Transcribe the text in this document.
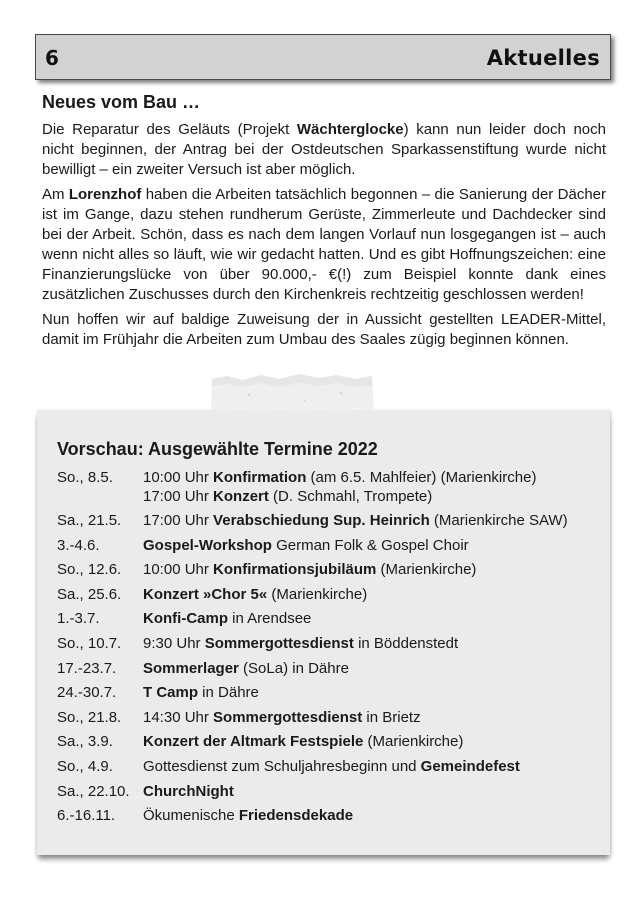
6	Aktuelles
Neues vom Bau …

Die Reparatur des Geläuts (Projekt Wächterglocke) kann nun leider doch noch nicht beginnen, der Antrag bei der Ostdeutschen Sparkassenstiftung wurde nicht bewilligt – ein zweiter Versuch ist aber möglich.

Am Lorenzhof haben die Arbeiten tatsächlich begonnen – die Sanierung der Dächer ist im Gange, dazu stehen rundherum Gerüste, Zimmerleute und Dachdecker sind bei der Arbeit. Schön, dass es nach dem langen Vorlauf nun losgegangen ist – auch wenn nicht alles so läuft, wie wir gedacht hatten. Und es gibt Hoffnungszeichen: eine Finanzierungslücke von über 90.000,- €(!) zum Beispiel konnte dank eines zusätzlichen Zuschusses durch den Kirchenkreis rechtzeitig geschlossen werden!

Nun hoffen wir auf baldige Zuweisung der in Aussicht gestellten LEADER-Mittel, damit im Frühjahr die Arbeiten zum Umbau des Saales zügig beginnen können.

Vorschau: Ausgewählte Termine 2022
So., 8.5.	10:00 Uhr Konfirmation (am 6.5. Mahlfeier) (Marienkirche)
17:00 Uhr Konzert (D. Schmahl, Trompete)
Sa., 21.5.	17:00 Uhr Verabschiedung Sup. Heinrich (Marienkirche SAW)
3.-4.6.	Gospel-Workshop German Folk & Gospel Choir
So., 12.6.	10:00 Uhr Konfirmationsjubiläum (Marienkirche)
Sa., 25.6.	Konzert »Chor 5« (Marienkirche)
1.-3.7.	Konfi-Camp in Arendsee
So., 10.7.	9:30 Uhr Sommergottesdienst in Böddenstedt
17.-23.7.	Sommerlager (SoLa) in Dähre
24.-30.7.	T Camp in Dähre
So., 21.8.	14:30 Uhr Sommergottesdienst in Brietz
Sa., 3.9.	Konzert der Altmark Festspiele (Marienkirche)
So., 4.9.	Gottesdienst zum Schuljahresbeginn und Gemeindefest
Sa., 22.10. ChurchNight
6.-16.11.	Ökumenische Friedensdekade
